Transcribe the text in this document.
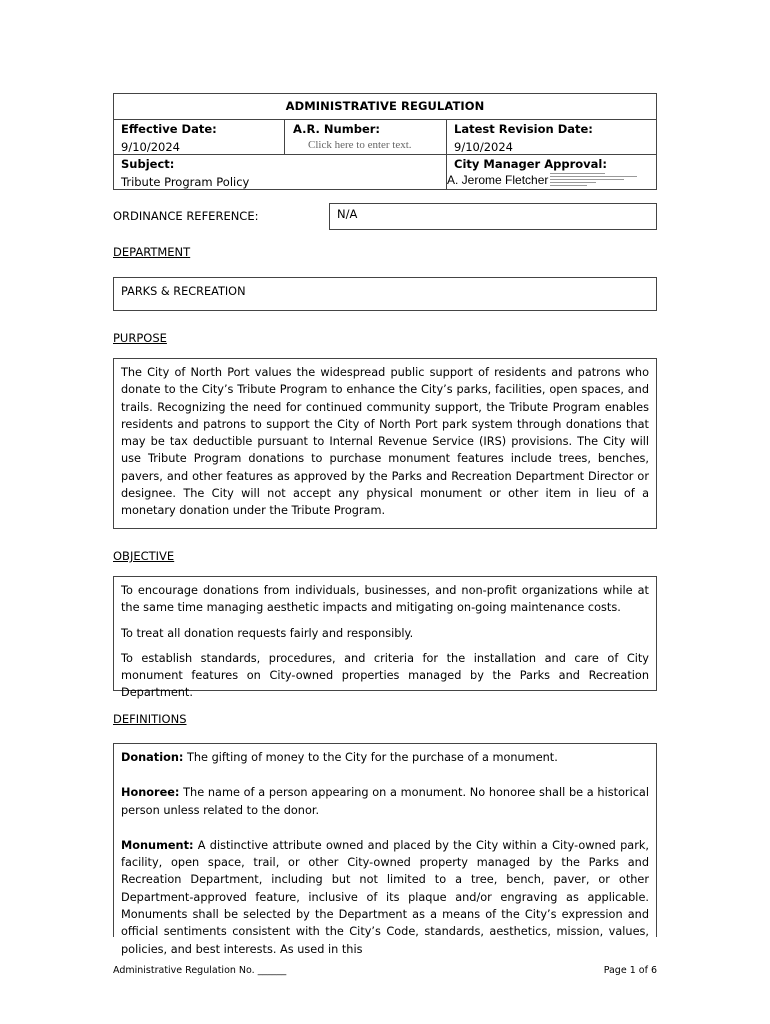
ADMINISTRATIVE REGULATION
Effective Date:
9/10/2024
A.R. Number:
Click here to enter text.
Latest Revision Date:
9/10/2024
Subject:
Tribute Program Policy
City Manager Approval:
A. Jerome Fletcher
ORDINANCE REFERENCE:	N/A
DEPARTMENT

PARKS & RECREATION

PURPOSE

The City of North Port values the widespread public support of residents and patrons who donate to the City’s Tribute Program to enhance the City’s parks, facilities, open spaces, and trails. Recognizing the need for continued community support, the Tribute Program enables residents and patrons to support the City of North Port park system through donations that may be tax deductible pursuant to Internal Revenue Service (IRS) provisions. The City will use Tribute Program donations to purchase monument features include trees, benches, pavers, and other features as approved by the Parks and Recreation Department Director or designee. The City will not accept any physical monument or other item in lieu of a monetary donation under the Tribute Program.

OBJECTIVE

To encourage donations from individuals, businesses, and non-profit organizations while at the same time managing aesthetic impacts and mitigating on-going maintenance costs.

To treat all donation requests fairly and responsibly.

To establish standards, procedures, and criteria for the installation and care of City monument features on City-owned properties managed by the Parks and Recreation Department.

DEFINITIONS

Donation: The gifting of money to the City for the purchase of a monument.

Honoree: The name of a person appearing on a monument. No honoree shall be a historical person unless related to the donor.

Monument: A distinctive attribute owned and placed by the City within a City-owned park, facility, open space, trail, or other City-owned property managed by the Parks and Recreation Department, including but not limited to a tree, bench, paver, or other Department-approved feature, inclusive of its plaque and/or engraving as applicable. Monuments shall be selected by the Department as a means of the City’s expression and official sentiments consistent with the City’s Code, standards, aesthetics, mission, values, policies, and best interests. As used in this

Administrative Regulation No. ______	Page 1 of 6
